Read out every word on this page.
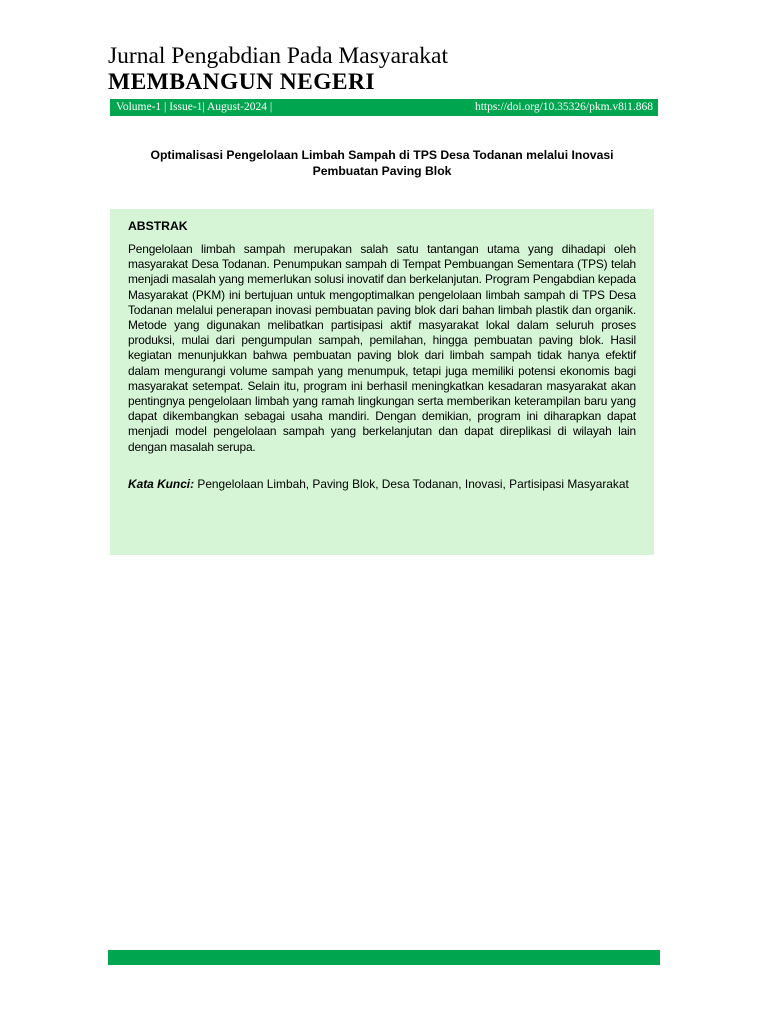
Jurnal Pengabdian Pada Masyarakat

MEMBANGUN NEGERI

Volume-1 | Issue-1| August-2024 |	https://doi.org/10.35326/pkm.v8i1.868
Optimalisasi Pengelolaan Limbah Sampah di TPS Desa Todanan melalui Inovasi
Pembuatan Paving Blok

ABSTRAK

Pengelolaan limbah sampah merupakan salah satu tantangan utama yang dihadapi oleh masyarakat Desa Todanan. Penumpukan sampah di Tempat Pembuangan Sementara (TPS) telah menjadi masalah yang memerlukan solusi inovatif dan berkelanjutan. Program Pengabdian kepada Masyarakat (PKM) ini bertujuan untuk mengoptimalkan pengelolaan limbah sampah di TPS Desa Todanan melalui penerapan inovasi pembuatan paving blok dari bahan limbah plastik dan organik. Metode yang digunakan melibatkan partisipasi aktif masyarakat lokal dalam seluruh proses produksi, mulai dari pengumpulan sampah, pemilahan, hingga pembuatan paving blok. Hasil kegiatan menunjukkan bahwa pembuatan paving blok dari limbah sampah tidak hanya efektif dalam mengurangi volume sampah yang menumpuk, tetapi juga memiliki potensi ekonomis bagi masyarakat setempat. Selain itu, program ini berhasil meningkatkan kesadaran masyarakat akan pentingnya pengelolaan limbah yang ramah lingkungan serta memberikan keterampilan baru yang dapat dikembangkan sebagai usaha mandiri. Dengan demikian, program ini diharapkan dapat menjadi model pengelolaan sampah yang berkelanjutan dan dapat direplikasi di wilayah lain dengan masalah serupa.

Kata Kunci: Pengelolaan Limbah, Paving Blok, Desa Todanan, Inovasi, Partisipasi Masyarakat
